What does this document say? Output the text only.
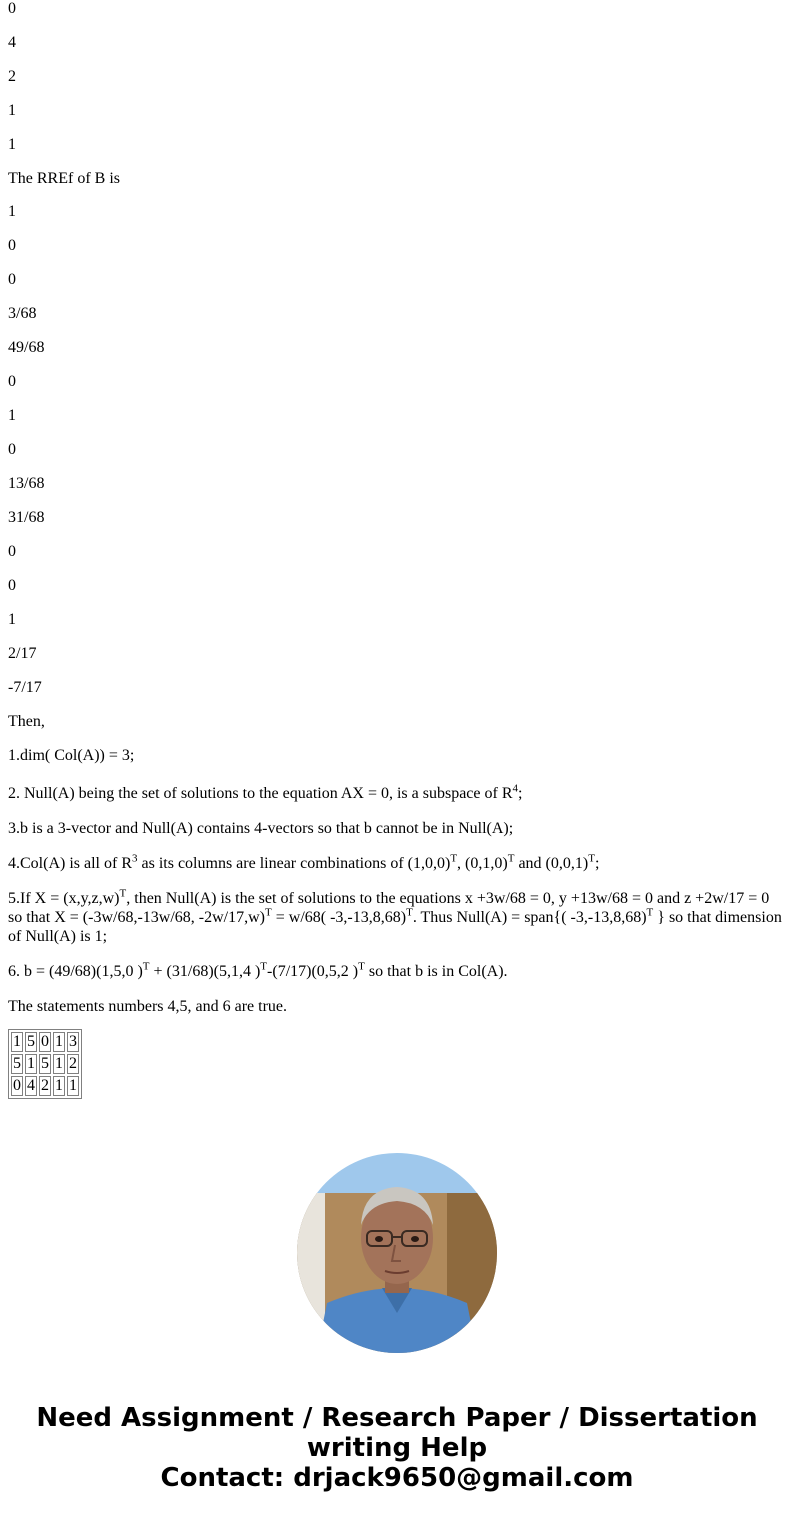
0

4

2

1

1

The RREf of B is

1

0

0

3/68

49/68

0

1

0

13/68

31/68

0

0

1

2/17

-7/17

Then,

1.dim( Col(A)) = 3;

2. Null(A) being the set of solutions to the equation AX = 0, is a subspace of $R^4$;

3.b is a 3-vector and Null(A) contains 4-vectors so that b cannot be in Null(A);

4.Col(A) is all of $R^3$ as its columns are linear combinations of $(1,0,0)^T$, $(0,1,0)^T$ and $(0,0,1)^T$;

5.If $X = (x,y,z,w)^T$, then Null(A) is the set of solutions to the equations x +3w/68 = 0, y +13w/68 = 0 and z +2w/17 = 0 so that X = (-3w/68,-13w/68, -2w/17,w)$^T$ = w/68( -3,-13,8,68)$^T$. Thus Null(A) = span{( -3,-13,8,68)$^T$ } so that dimension of Null(A) is 1;

6. b = (49/68)(1,5,0 )$^T$ + (31/68)(5,1,4 )$^T$-(7/17)(0,5,2 )$^T$ so that b is in Col(A).

The statements numbers 4,5, and 6 are true.

1	5	0	1	3
5	1	5	1	2
0	4	2	1	1
Need Assignment / Research Paper / Dissertation
writing Help
Contact: drjack9650@gmail.com
